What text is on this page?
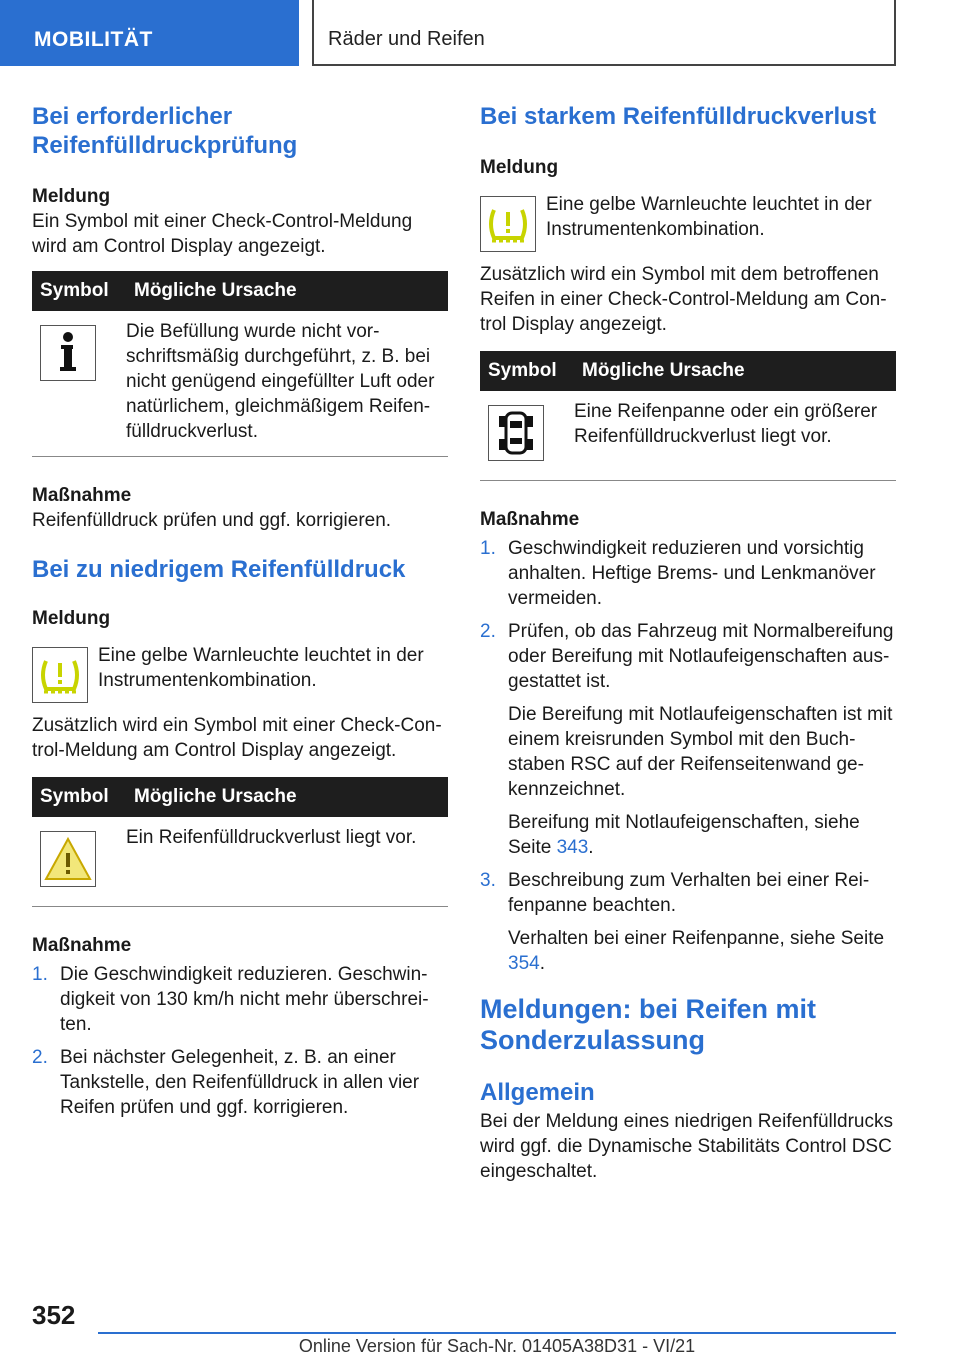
MOBILITÄT	Räder und Reifen
Bei erforderlicher Reifenfülldruckprüfung
Meldung

Ein Symbol mit einer Check-Control-Meldung wird am Control Display angezeigt.

Symbol	Mögliche Ursache
	Die Befüllung wurde nicht vorschriftsmäßig durchgeführt, z. B. bei nicht genügend eingefüllter Luft oder natürlichem, gleichmäßigem Reifenfülldruckverlust.
Maßnahme

Reifenfülldruck prüfen und ggf. korrigieren.

Bei zu niedrigem Reifenfülldruck
Meldung
Eine gelbe Warnleuchte leuchtet in der Instrumentenkombination.

Zusätzlich wird ein Symbol mit einer Check-Control-Meldung am Control Display angezeigt.

Symbol	Mögliche Ursache
	Ein Reifenfülldruckverlust liegt vor.
Maßnahme
1. Die Geschwindigkeit reduzieren. Geschwindigkeit von 130 km/h nicht mehr überschreiten.
2. Bei nächster Gelegenheit, z. B. an einer Tankstelle, den Reifenfülldruck in allen vier Reifen prüfen und ggf. korrigieren.
Bei starkem Reifenfülldruckverlust
Meldung
Eine gelbe Warnleuchte leuchtet in der Instrumentenkombination.

Zusätzlich wird ein Symbol mit dem betroffenen Reifen in einer Check-Control-Meldung am Control Display angezeigt.

Symbol	Mögliche Ursache
	Eine Reifenpanne oder ein größerer Reifenfülldruckverlust liegt vor.
Maßnahme
1. Geschwindigkeit reduzieren und vorsichtig anhalten. Heftige Brems- und Lenkmanöver vermeiden.
2. Prüfen, ob das Fahrzeug mit Normalbereifung oder Bereifung mit Notlaufeigenschaften ausgestattet ist.

Die Bereifung mit Notlaufeigenschaften ist mit einem kreisrunden Symbol mit den Buchstaben RSC auf der Reifenseitenwand gekennzeichnet.

Bereifung mit Notlaufeigenschaften, siehe Seite 343.

3. Beschreibung zum Verhalten bei einer Reifenpanne beachten.

Verhalten bei einer Reifenpanne, siehe Seite 354.

Meldungen: bei Reifen mit Sonderzulassung
Allgemein

Bei der Meldung eines niedrigen Reifenfülldrucks wird ggf. die Dynamische Stabilitäts Control DSC eingeschaltet.

352
Online Version für Sach-Nr. 01405A38D31 - VI/21
